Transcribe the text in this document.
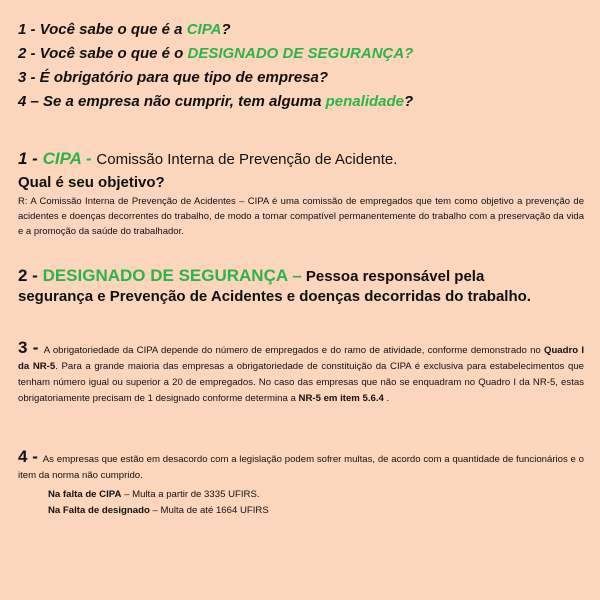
1 - Você sabe o que é a CIPA?
2 - Você sabe o que é o DESIGNADO DE SEGURANÇA?
3 - É obrigatório para que tipo de empresa?
4 – Se a empresa não cumprir, tem alguma penalidade?
1 - CIPA - Comissão Interna de Prevenção de Acidente.
Qual é seu objetivo?
R: A Comissão Interna de Prevenção de Acidentes – CIPA é uma comissão de empregados que tem como objetivo a prevenção de acidentes e doenças decorrentes do trabalho, de modo a tornar compatível permanentemente do trabalho com a preservação da vida e a promoção da saúde do trabalhador.
2 - DESIGNADO DE SEGURANÇA – Pessoa responsável pela
segurança e Prevenção de Acidentes e doenças decorridas do trabalho.
3 - A obrigatoriedade da CIPA depende do número de empregados e do ramo de atividade, conforme demonstrado no Quadro I da NR-5. Para a grande maioria das empresas a obrigatoriedade de constituição da CIPA é exclusiva para estabelecimentos que tenham número igual ou superior a 20 de empregados. No caso das empresas que não se enquadram no Quadro I da NR-5, estas obrigatoriamente precisam de 1 designado conforme determina a NR-5 em item 5.6.4 .
4 - As empresas que estão em desacordo com a legislação podem sofrer multas, de acordo com a quantidade de funcionários e o item da norma não cumprido.
Na falta de CIPA – Multa a partir de 3335 UFIRS.
Na Falta de designado – Multa de até 1664 UFIRS
